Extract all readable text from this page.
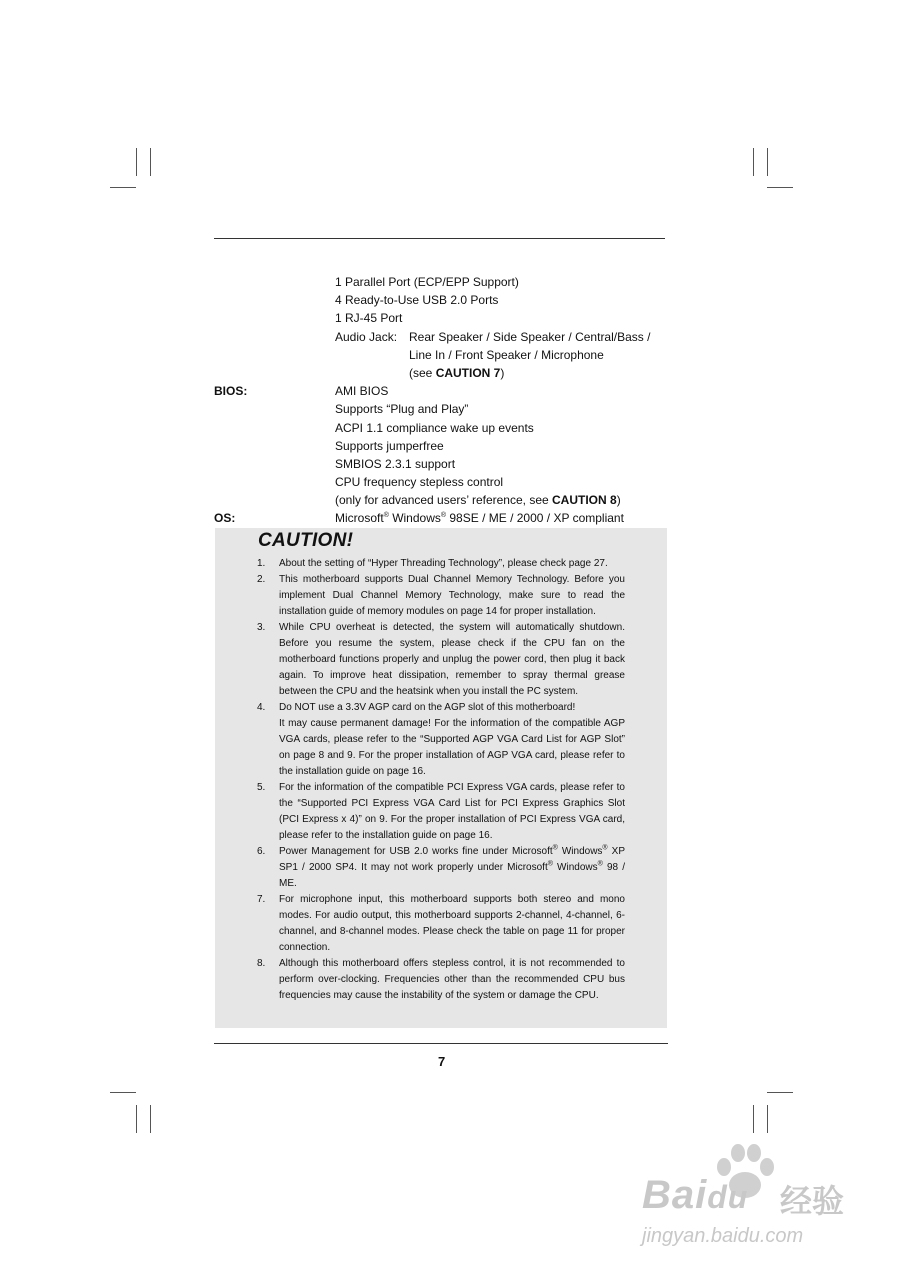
1 Parallel Port (ECP/EPP Support)
4 Ready-to-Use USB 2.0 Ports
1 RJ-45 Port
Audio Jack: Rear Speaker / Side Speaker / Central/Bass /
Line In / Front Speaker / Microphone
(see CAUTION 7)
BIOS:	AMI BIOS
Supports “Plug and Play”
ACPI 1.1 compliance wake up events
Supports jumperfree
SMBIOS 2.3.1 support
CPU frequency stepless control
(only for advanced users’ reference, see CAUTION 8)
OS:	Microsoft® Windows® 98SE / ME / 2000 / XP compliant
CAUTION!
1. About the setting of “Hyper Threading Technology”, please check page 27.
2. This motherboard supports Dual Channel Memory Technology. Before you implement Dual Channel Memory Technology, make sure to read the installation guide of memory modules on page 14 for proper installation.
3. While CPU overheat is detected, the system will automatically shutdown. Before you resume the system, please check if the CPU fan on the motherboard functions properly and unplug the power cord, then plug it back again. To improve heat dissipation, remember to spray thermal grease between the CPU and the heatsink when you install the PC system.
4. Do NOT use a 3.3V AGP card on the AGP slot of this motherboard!
It may cause permanent damage! For the information of the compatible AGP VGA cards, please refer to the “Supported AGP VGA Card List for AGP Slot” on page 8 and 9. For the proper installation of AGP VGA card, please refer to the installation guide on page 16.
5. For the information of the compatible PCI Express VGA cards, please refer to the “Supported PCI Express VGA Card List for PCI Express Graphics Slot (PCI Express x 4)” on 9. For the proper installation of PCI Express VGA card, please refer to the installation guide on page 16.
6. Power Management for USB 2.0 works fine under Microsoft® Windows® XP SP1 / 2000 SP4. It may not work properly under Microsoft® Windows® 98 / ME.
7. For microphone input, this motherboard supports both stereo and mono modes. For audio output, this motherboard supports 2-channel, 4-channel, 6-channel, and 8-channel modes. Please check the table on page 11 for proper connection.
8. Although this motherboard offers stepless control, it is not recommended to perform over-clocking. Frequencies other than the recommended CPU bus frequencies may cause the instability of the system or damage the CPU.
7
Baidu 经验
jingyan.baidu.com
